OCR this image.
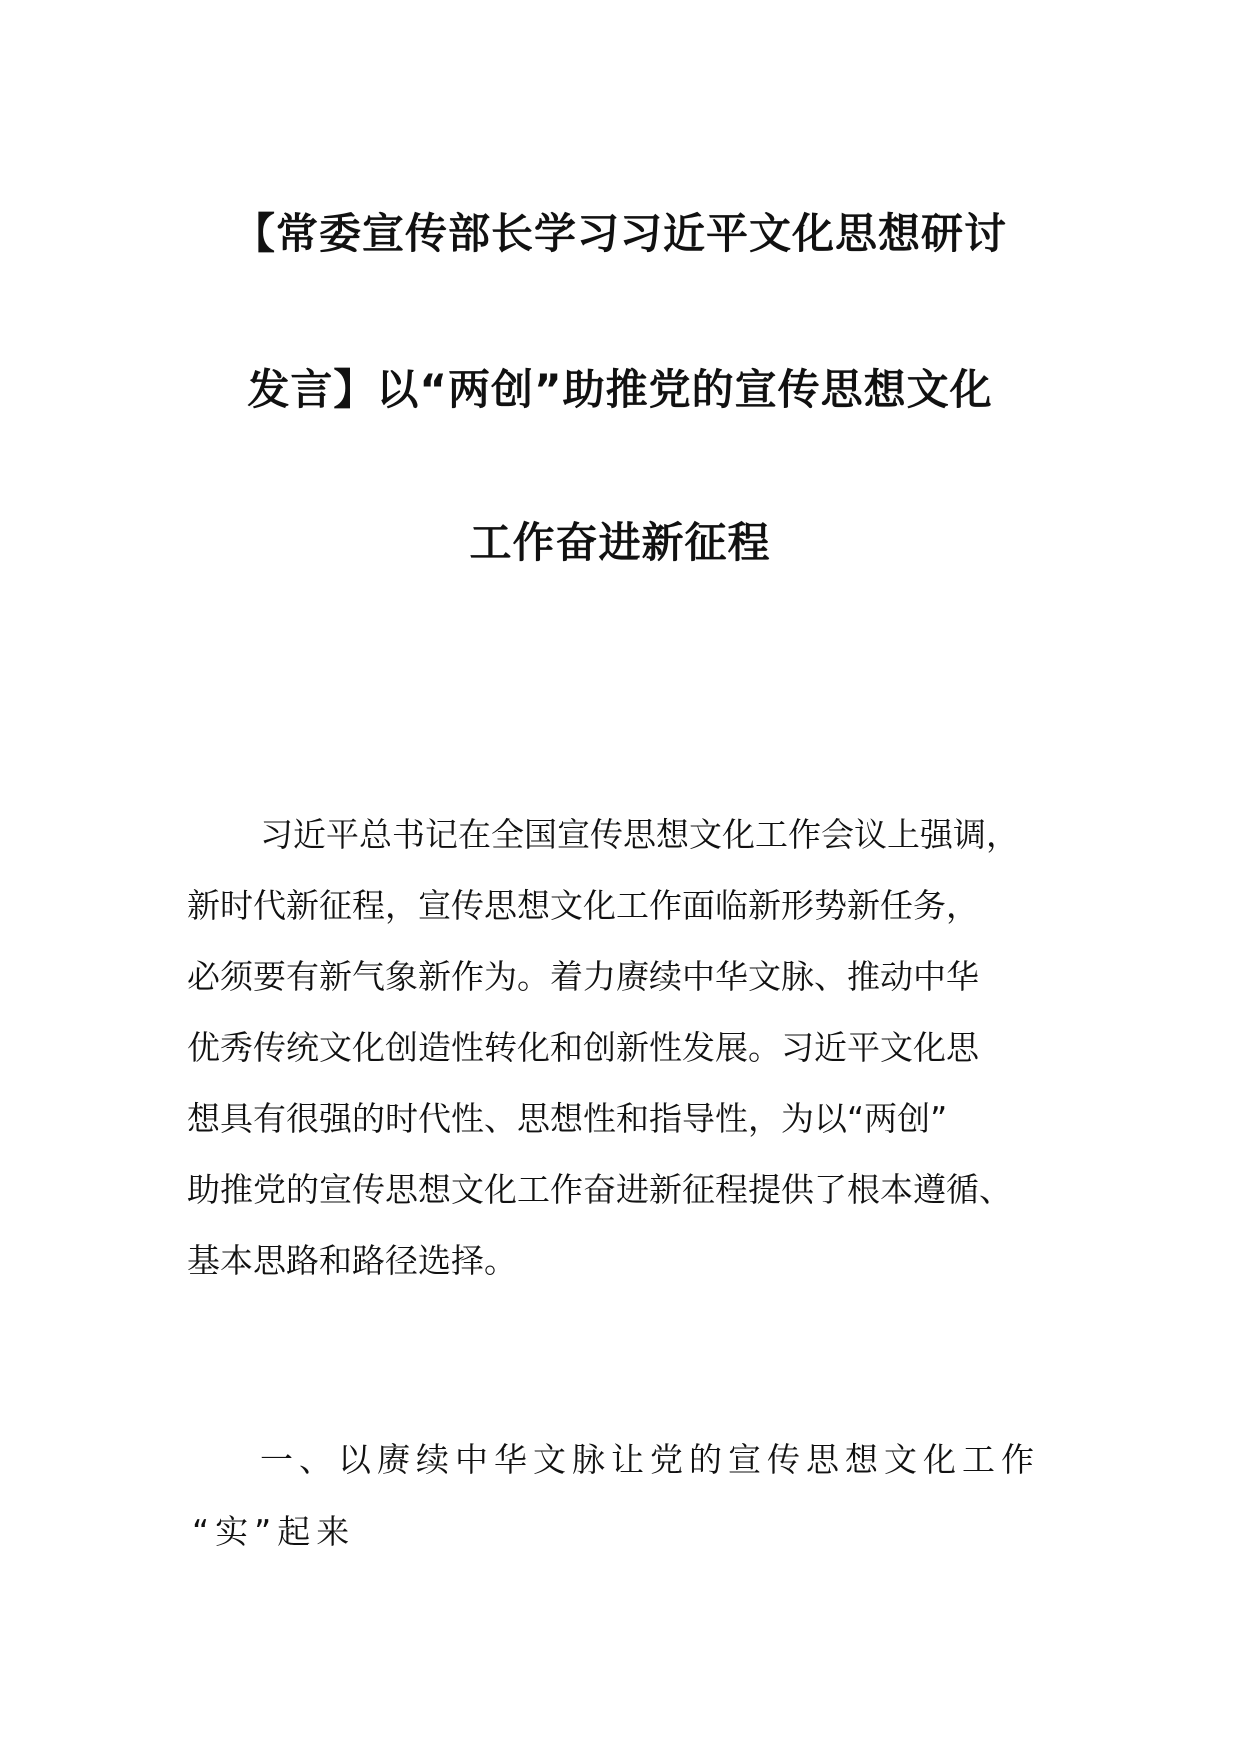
【常委宣传部长学习习近平文化思想研讨
发言】以“两创”助推党的宣传思想文化
工作奋进新征程

习近平总书记在全国宣传思想文化工作会议上强调，

新时代新征程，宣传思想文化工作面临新形势新任务，

必须要有新气象新作为。着力赓续中华文脉、推动中华

优秀传统文化创造性转化和创新性发展。习近平文化思

想具有很强的时代性、思想性和指导性，为以“两创”

助推党的宣传思想文化工作奋进新征程提供了根本遵循、

基本思路和路径选择。

一、以赓续中华文脉让党的宣传思想文化工作

“实”起来
